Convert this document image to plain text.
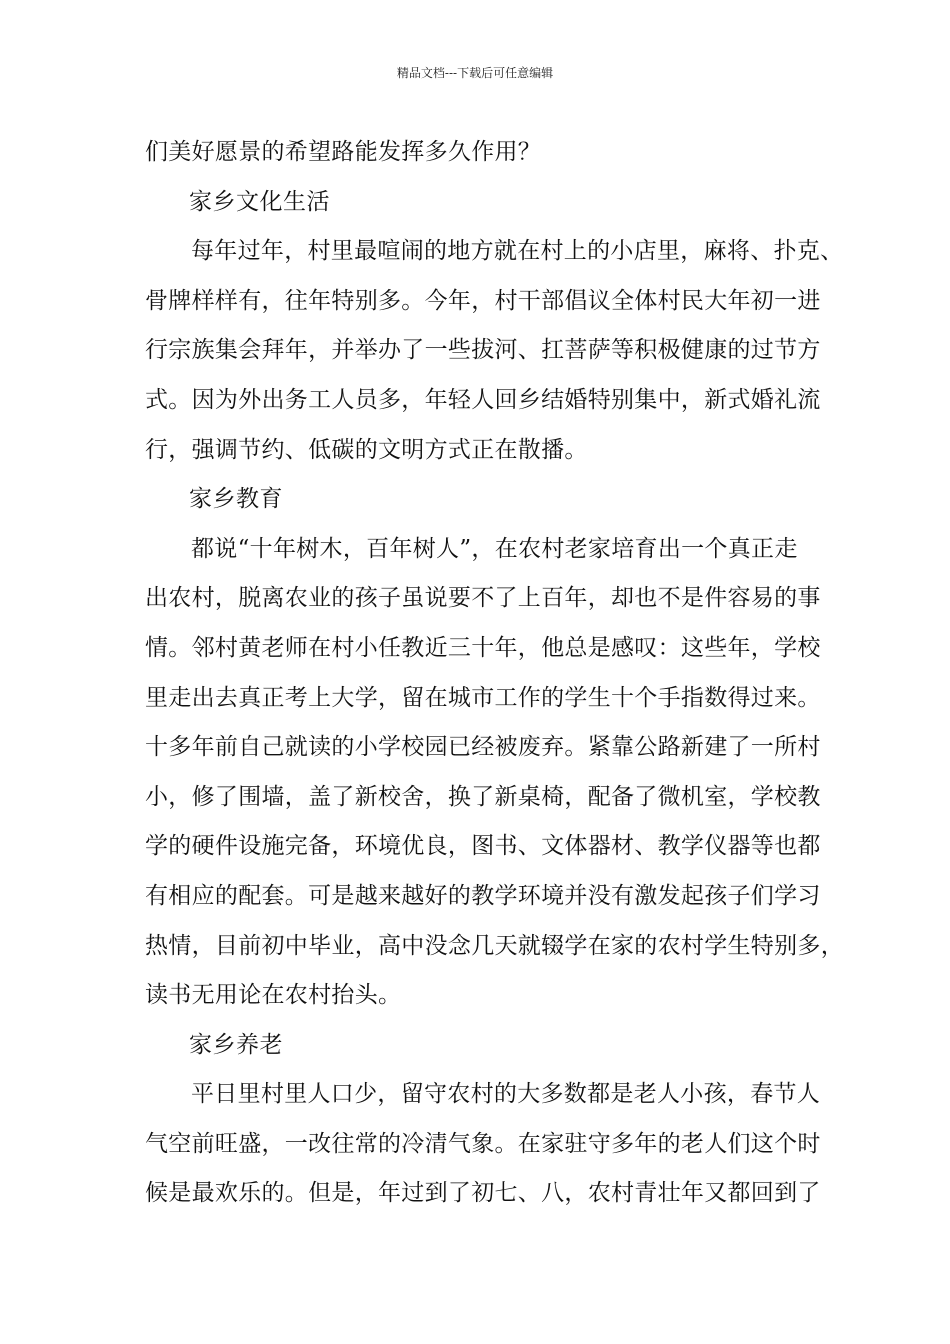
精品文档---下载后可任意编辑
们美好愿景的希望路能发挥多久作用？
家乡文化生活
每年过年，村里最喧闹的地方就在村上的小店里，麻将、扑克、
骨牌样样有，往年特别多。今年，村干部倡议全体村民大年初一进
行宗族集会拜年，并举办了一些拔河、扛菩萨等积极健康的过节方
式。因为外出务工人员多，年轻人回乡结婚特别集中，新式婚礼流
行，强调节约、低碳的文明方式正在散播。
家乡教育
都说“十年树木，百年树人”，在农村老家培育出一个真正走
出农村，脱离农业的孩子虽说要不了上百年，却也不是件容易的事
情。邻村黄老师在村小任教近三十年，他总是感叹：这些年，学校
里走出去真正考上大学，留在城市工作的学生十个手指数得过来。
十多年前自己就读的小学校园已经被废弃。紧靠公路新建了一所村
小，修了围墙，盖了新校舍，换了新桌椅，配备了微机室，学校教
学的硬件设施完备，环境优良，图书、文体器材、教学仪器等也都
有相应的配套。可是越来越好的教学环境并没有激发起孩子们学习
热情，目前初中毕业，高中没念几天就辍学在家的农村学生特别多，
读书无用论在农村抬头。
家乡养老
平日里村里人口少，留守农村的大多数都是老人小孩，春节人
气空前旺盛，一改往常的冷清气象。在家驻守多年的老人们这个时
候是最欢乐的。但是，年过到了初七、八，农村青壮年又都回到了
